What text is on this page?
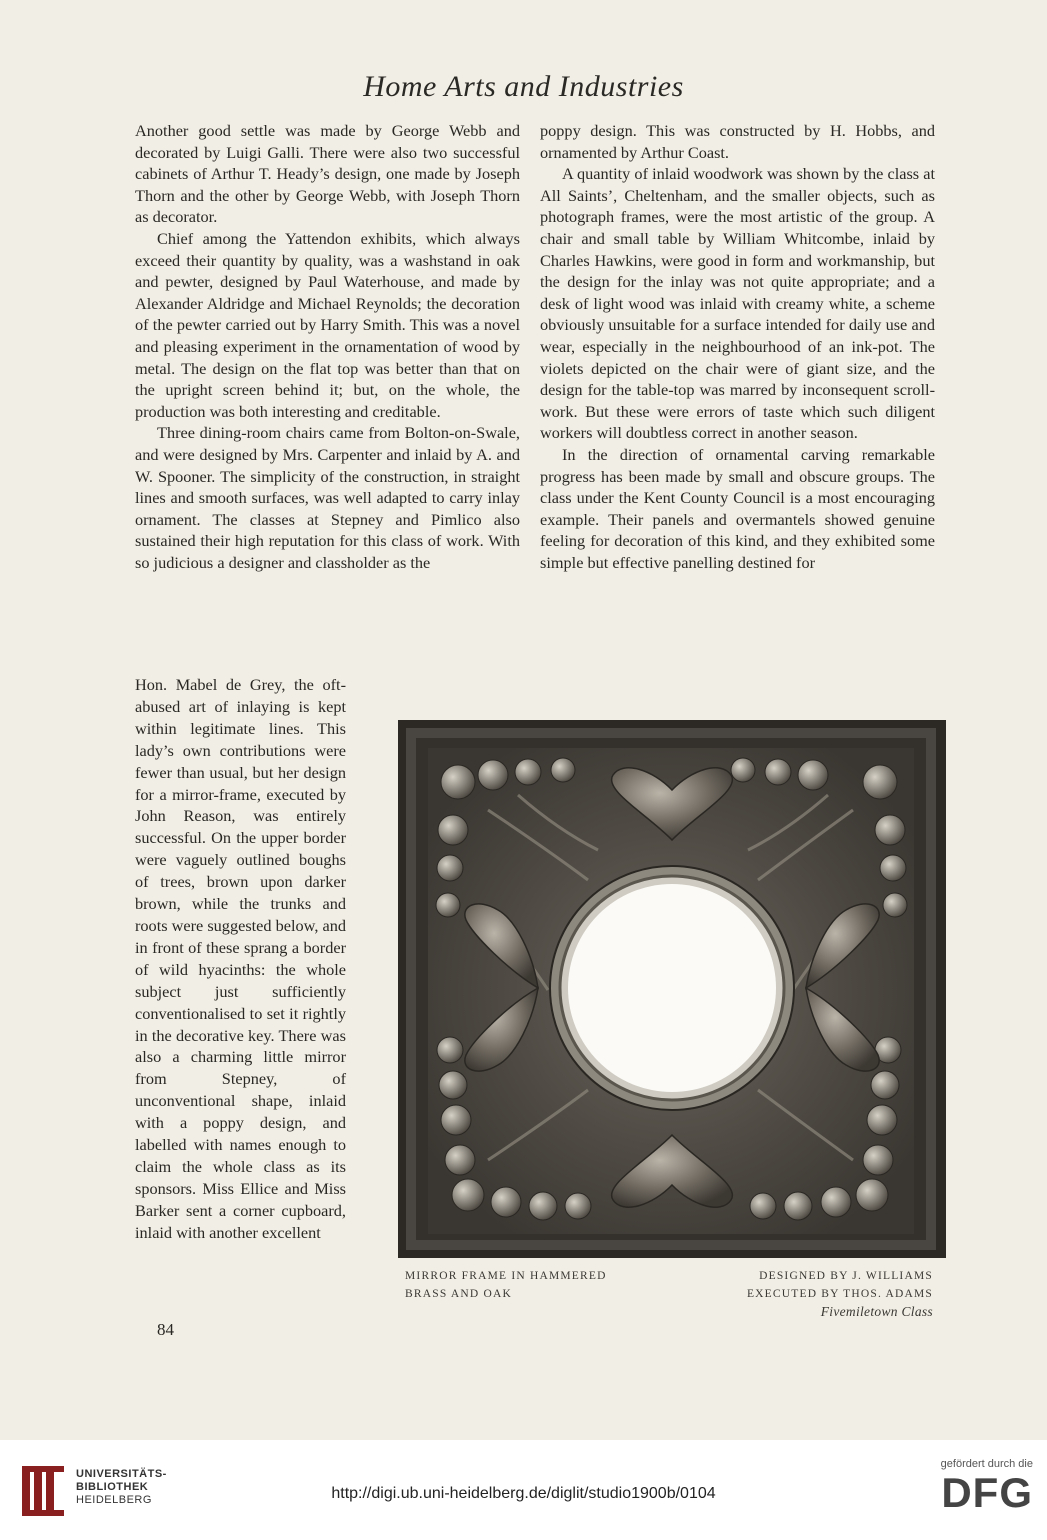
Home Arts and Industries

Another good settle was made by George Webb and decorated by Luigi Galli. There were also two successful cabinets of Arthur T. Heady’s design, one made by Joseph Thorn and the other by George Webb, with Joseph Thorn as decorator.

Chief among the Yattendon exhibits, which always exceed their quantity by quality, was a washstand in oak and pewter, designed by Paul Waterhouse, and made by Alexander Aldridge and Michael Reynolds; the decoration of the pewter carried out by Harry Smith. This was a novel and pleasing experiment in the ornamentation of wood by metal. The design on the flat top was better than that on the upright screen behind it; but, on the whole, the production was both interesting and creditable.

Three dining-room chairs came from Bolton-on-Swale, and were designed by Mrs. Carpenter and inlaid by A. and W. Spooner. The simplicity of the construction, in straight lines and smooth surfaces, was well adapted to carry inlay ornament. The classes at Stepney and Pimlico also sustained their high reputation for this class of work. With so judicious a designer and classholder as the

Hon. Mabel de Grey, the oft-abused art of inlaying is kept within legitimate lines. This lady’s own contributions were fewer than usual, but her design for a mirror-frame, executed by John Reason, was entirely successful. On the upper border were vaguely outlined boughs of trees, brown upon darker brown, while the trunks and roots were suggested below, and in front of these sprang a border of wild hyacinths: the whole subject just sufficiently conventionalised to set it rightly in the decorative key. There was also a charming little mirror from Stepney, of unconventional shape, inlaid with a poppy design, and labelled with names enough to claim the whole class as its sponsors. Miss Ellice and Miss Barker sent a corner cupboard, inlaid with another excellent

84

poppy design. This was constructed by H. Hobbs, and ornamented by Arthur Coast.

A quantity of inlaid woodwork was shown by the class at All Saints’, Cheltenham, and the smaller objects, such as photograph frames, were the most artistic of the group. A chair and small table by William Whitcombe, inlaid by Charles Hawkins, were good in form and workmanship, but the design for the inlay was not quite appropriate; and a desk of light wood was inlaid with creamy white, a scheme obviously unsuitable for a surface intended for daily use and wear, especially in the neighbourhood of an ink-pot. The violets depicted on the chair were of giant size, and the design for the table-top was marred by inconsequent scroll-work. But these were errors of taste which such diligent workers will doubtless correct in another season.

In the direction of ornamental carving remarkable progress has been made by small and obscure groups. The class under the Kent County Council is a most encouraging example. Their panels and overmantels showed genuine feeling for decoration of this kind, and they exhibited some simple but effective panelling destined for

MIRROR FRAME IN HAMMERED
BRASS AND OAK
DESIGNED BY J. WILLIAMS
EXECUTED BY THOS. ADAMS
Fivemiletown Class
UNIVERSITÄTS-
BIBLIOTHEK
HEIDELBERG	http://digi.ub.uni-heidelberg.de/diglit/studio1900b/0104
gefördert durch die
DFG
